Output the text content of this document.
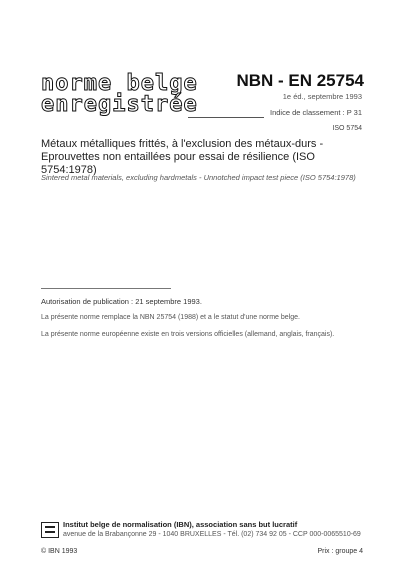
norme belge
enregistrée
NBN - EN 25754
1e éd., septembre 1993
Indice de classement : P 31
ISO 5754
Métaux métalliques frittés, à l'exclusion des métaux-durs - Eprouvettes non entaillées pour essai de résilience (ISO 5754:1978)
Sintered metal materials, excluding hardmetals - Unnotched impact test piece (ISO 5754:1978)
Autorisation de publication : 21 septembre 1993.
La présente norme remplace la NBN 25754 (1988) et a le statut d'une norme belge.
La présente norme européenne existe en trois versions officielles (allemand, anglais, français).
Institut belge de normalisation (IBN), association sans but lucratif
avenue de la Brabançonne 29 - 1040 BRUXELLES - Tél. (02) 734 92 05 - CCP 000-0065510-69
© IBN 1993	Prix : groupe 4
